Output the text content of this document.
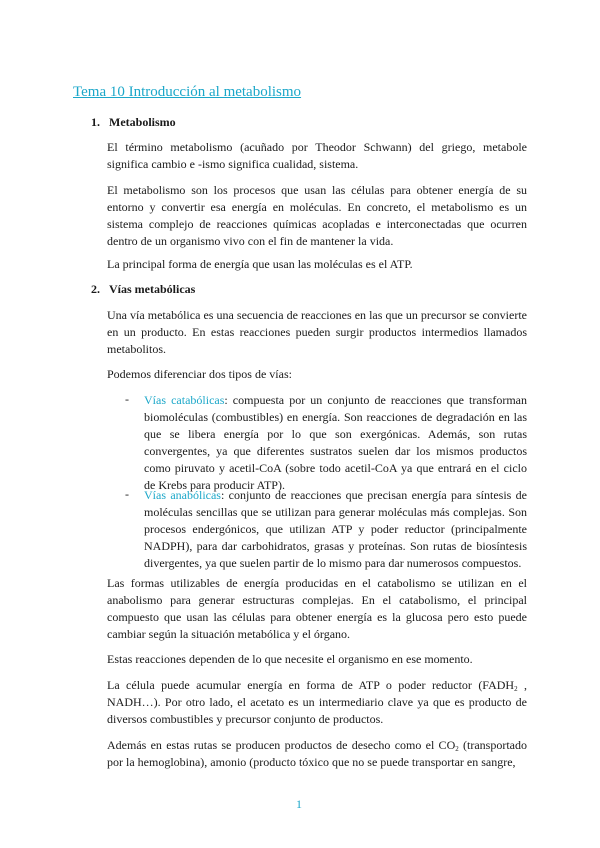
Tema 10 Introducción al metabolismo
1. Metabolismo

El término metabolismo (acuñado por Theodor Schwann) del griego, metabole significa cambio e -ismo significa cualidad, sistema.

El metabolismo son los procesos que usan las células para obtener energía de su entorno y convertir esa energía en moléculas. En concreto, el metabolismo es un sistema complejo de reacciones químicas acopladas e interconectadas que ocurren dentro de un organismo vivo con el fin de mantener la vida.

La principal forma de energía que usan las moléculas es el ATP.

2. Vías metabólicas

Una vía metabólica es una secuencia de reacciones en las que un precursor se convierte en un producto. En estas reacciones pueden surgir productos intermedios llamados metabolitos.

Podemos diferenciar dos tipos de vías:

- Vías catabólicas: compuesta por un conjunto de reacciones que transforman biomoléculas (combustibles) en energía. Son reacciones de degradación en las que se libera energía por lo que son exergónicas. Además, son rutas convergentes, ya que diferentes sustratos suelen dar los mismos productos como piruvato y acetil-CoA (sobre todo acetil-CoA ya que entrará en el ciclo de Krebs para producir ATP).

- Vías anabólicas: conjunto de reacciones que precisan energía para síntesis de moléculas sencillas que se utilizan para generar moléculas más complejas. Son procesos endergónicos, que utilizan ATP y poder reductor (principalmente NADPH), para dar carbohidratos, grasas y proteínas. Son rutas de biosíntesis divergentes, ya que suelen partir de lo mismo para dar numerosos compuestos.

Las formas utilizables de energía producidas en el catabolismo se utilizan en el anabolismo para generar estructuras complejas. En el catabolismo, el principal compuesto que usan las células para obtener energía es la glucosa pero esto puede cambiar según la situación metabólica y el órgano.

Estas reacciones dependen de lo que necesite el organismo en ese momento.

La célula puede acumular energía en forma de ATP o poder reductor ($FADH_2$ , NADH…). Por otro lado, el acetato es un intermediario clave ya que es producto de diversos combustibles y precursor conjunto de productos.

Además en estas rutas se producen productos de desecho como el $CO_2$ (transportado por la hemoglobina), amonio (producto tóxico que no se puede transportar en sangre,

1
